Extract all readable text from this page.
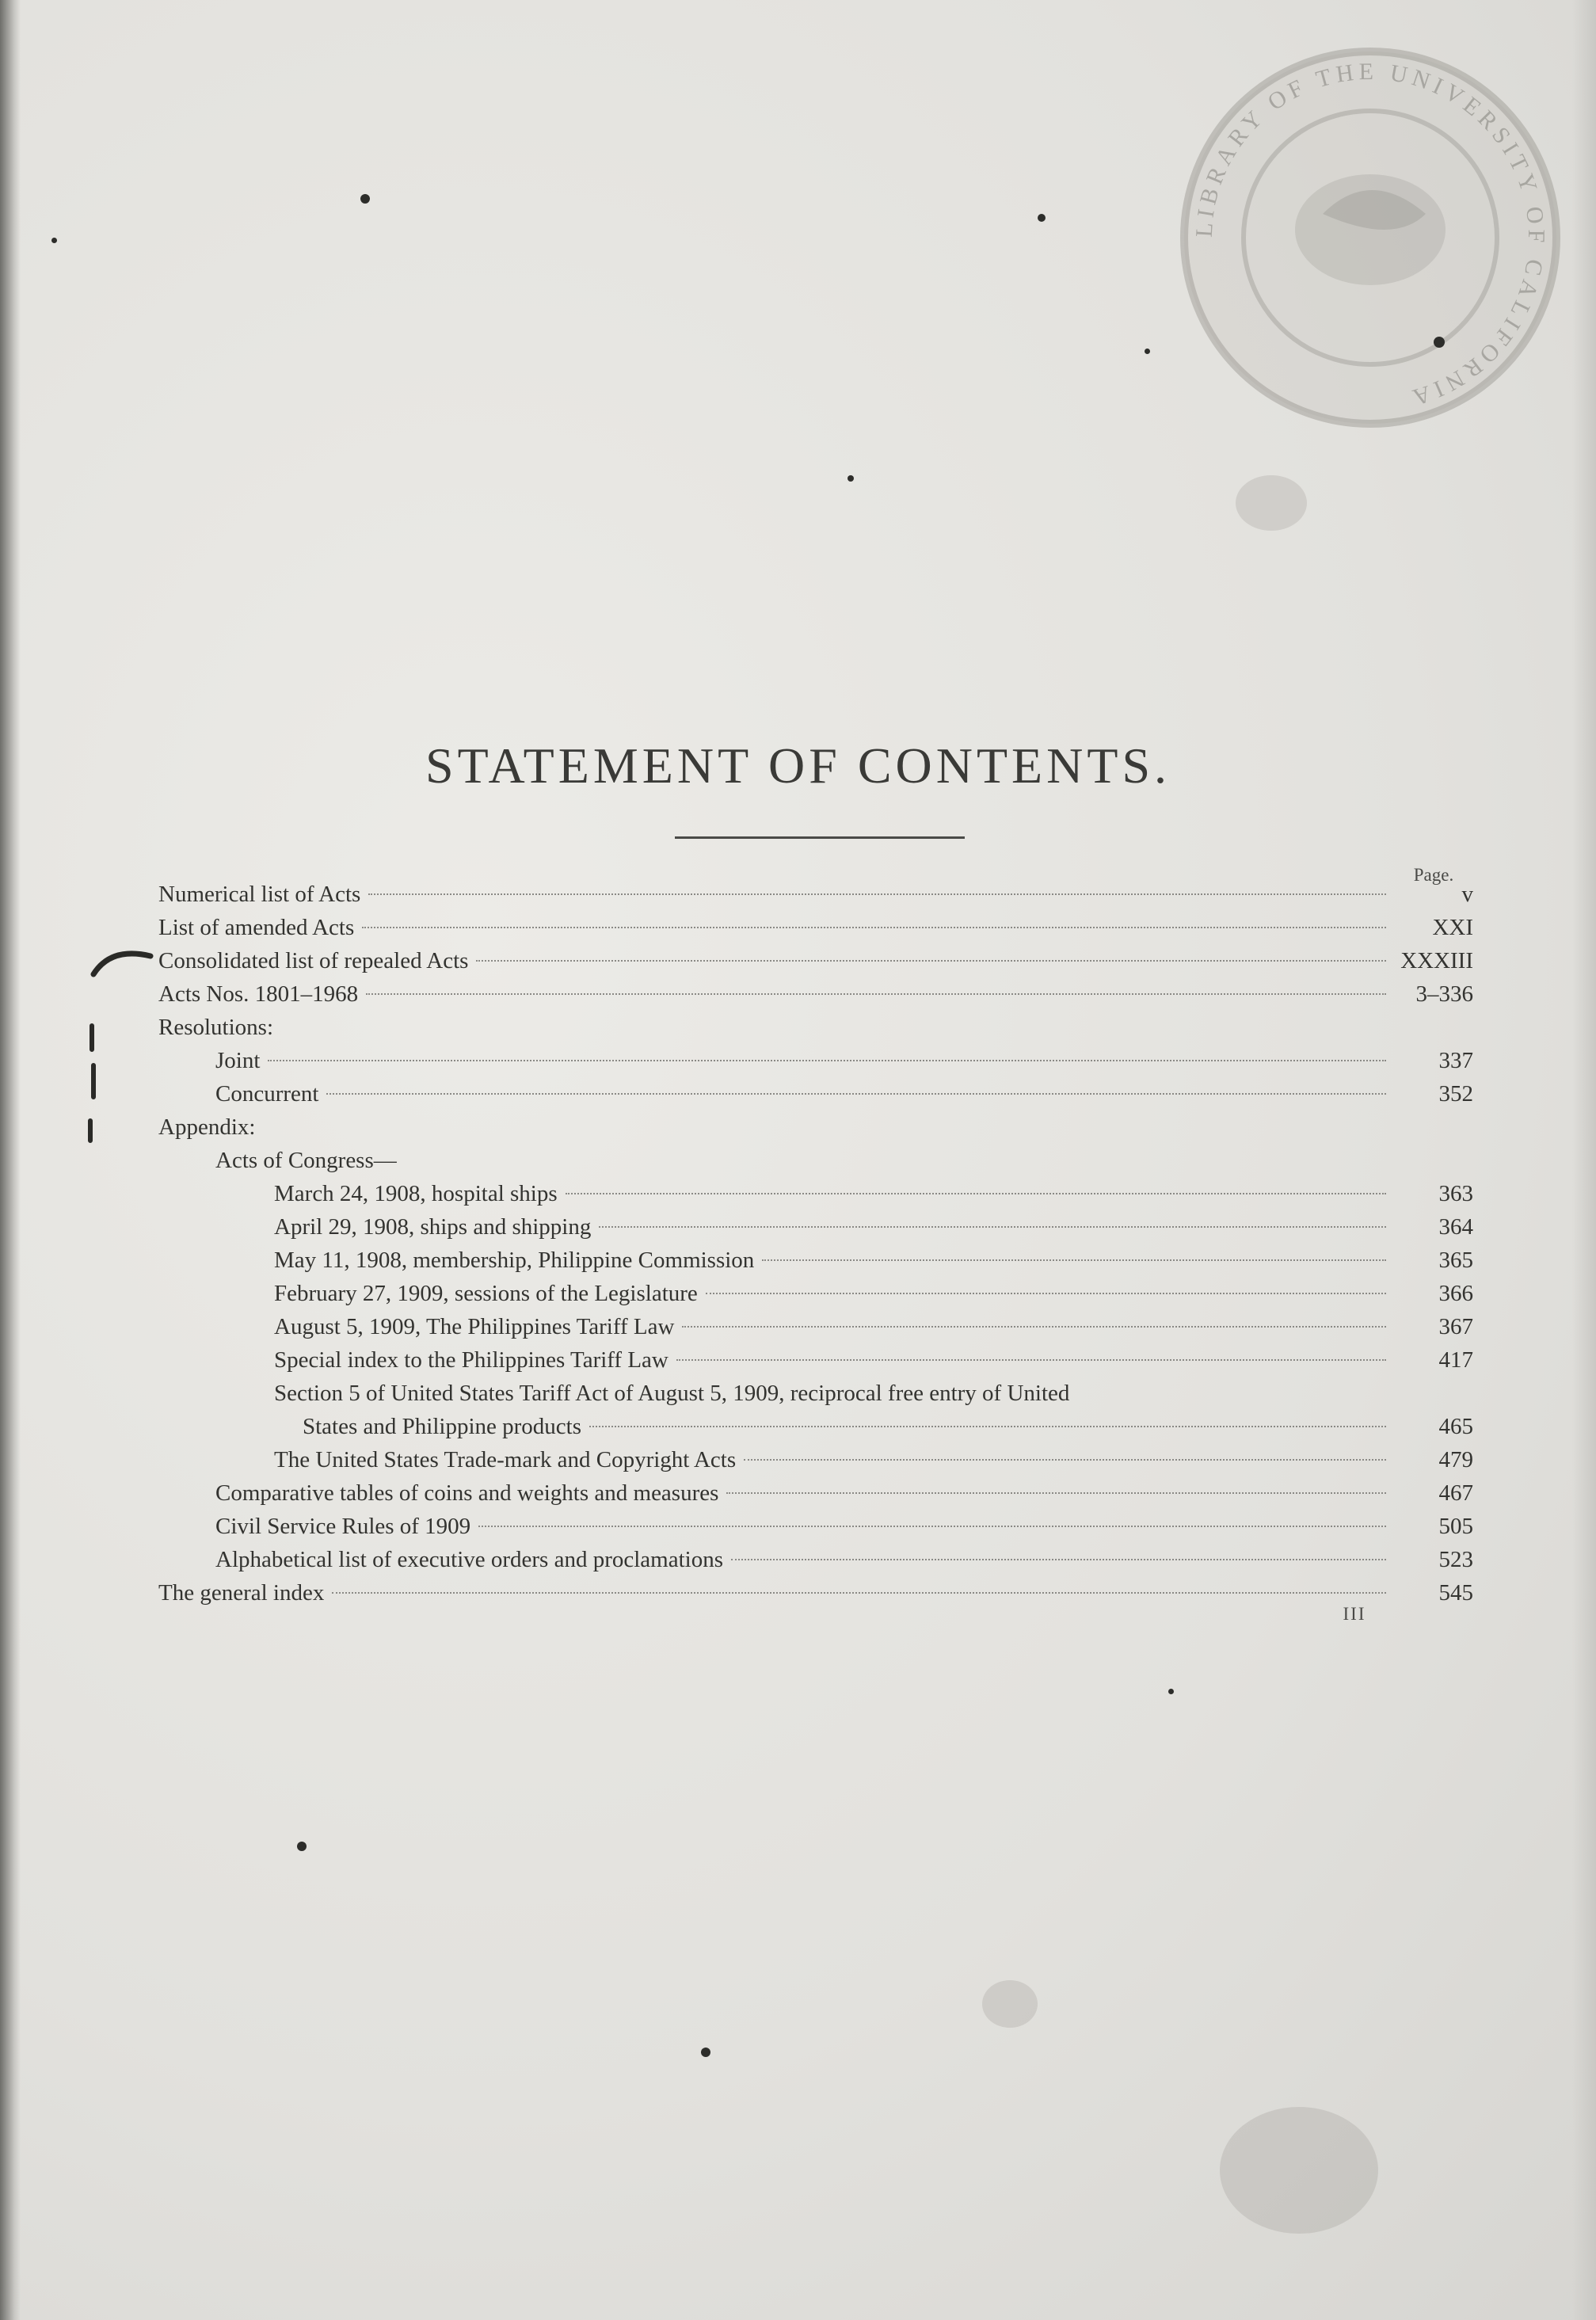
LIBRARY OF THE UNIVERSITY OF CALIFORNIA
STATEMENT OF CONTENTS.
Page.
Numerical list of Acts	v
List of amended Acts	XXI
Consolidated list of repealed Acts	XXXIII
Acts Nos. 1801–1968	3–336
Resolutions:
Joint	337
Concurrent	352
Appendix:
Acts of Congress—
March 24, 1908, hospital ships	363
April 29, 1908, ships and shipping	364
May 11, 1908, membership, Philippine Commission	365
February 27, 1909, sessions of the Legislature	366
August 5, 1909, The Philippines Tariff Law	367
Special index to the Philippines Tariff Law	417
Section 5 of United States Tariff Act of August 5, 1909, reciprocal free entry of United
States and Philippine products	465
The United States Trade-mark and Copyright Acts	479
Comparative tables of coins and weights and measures	467
Civil Service Rules of 1909	505
Alphabetical list of executive orders and proclamations	523
The general index	545
III
